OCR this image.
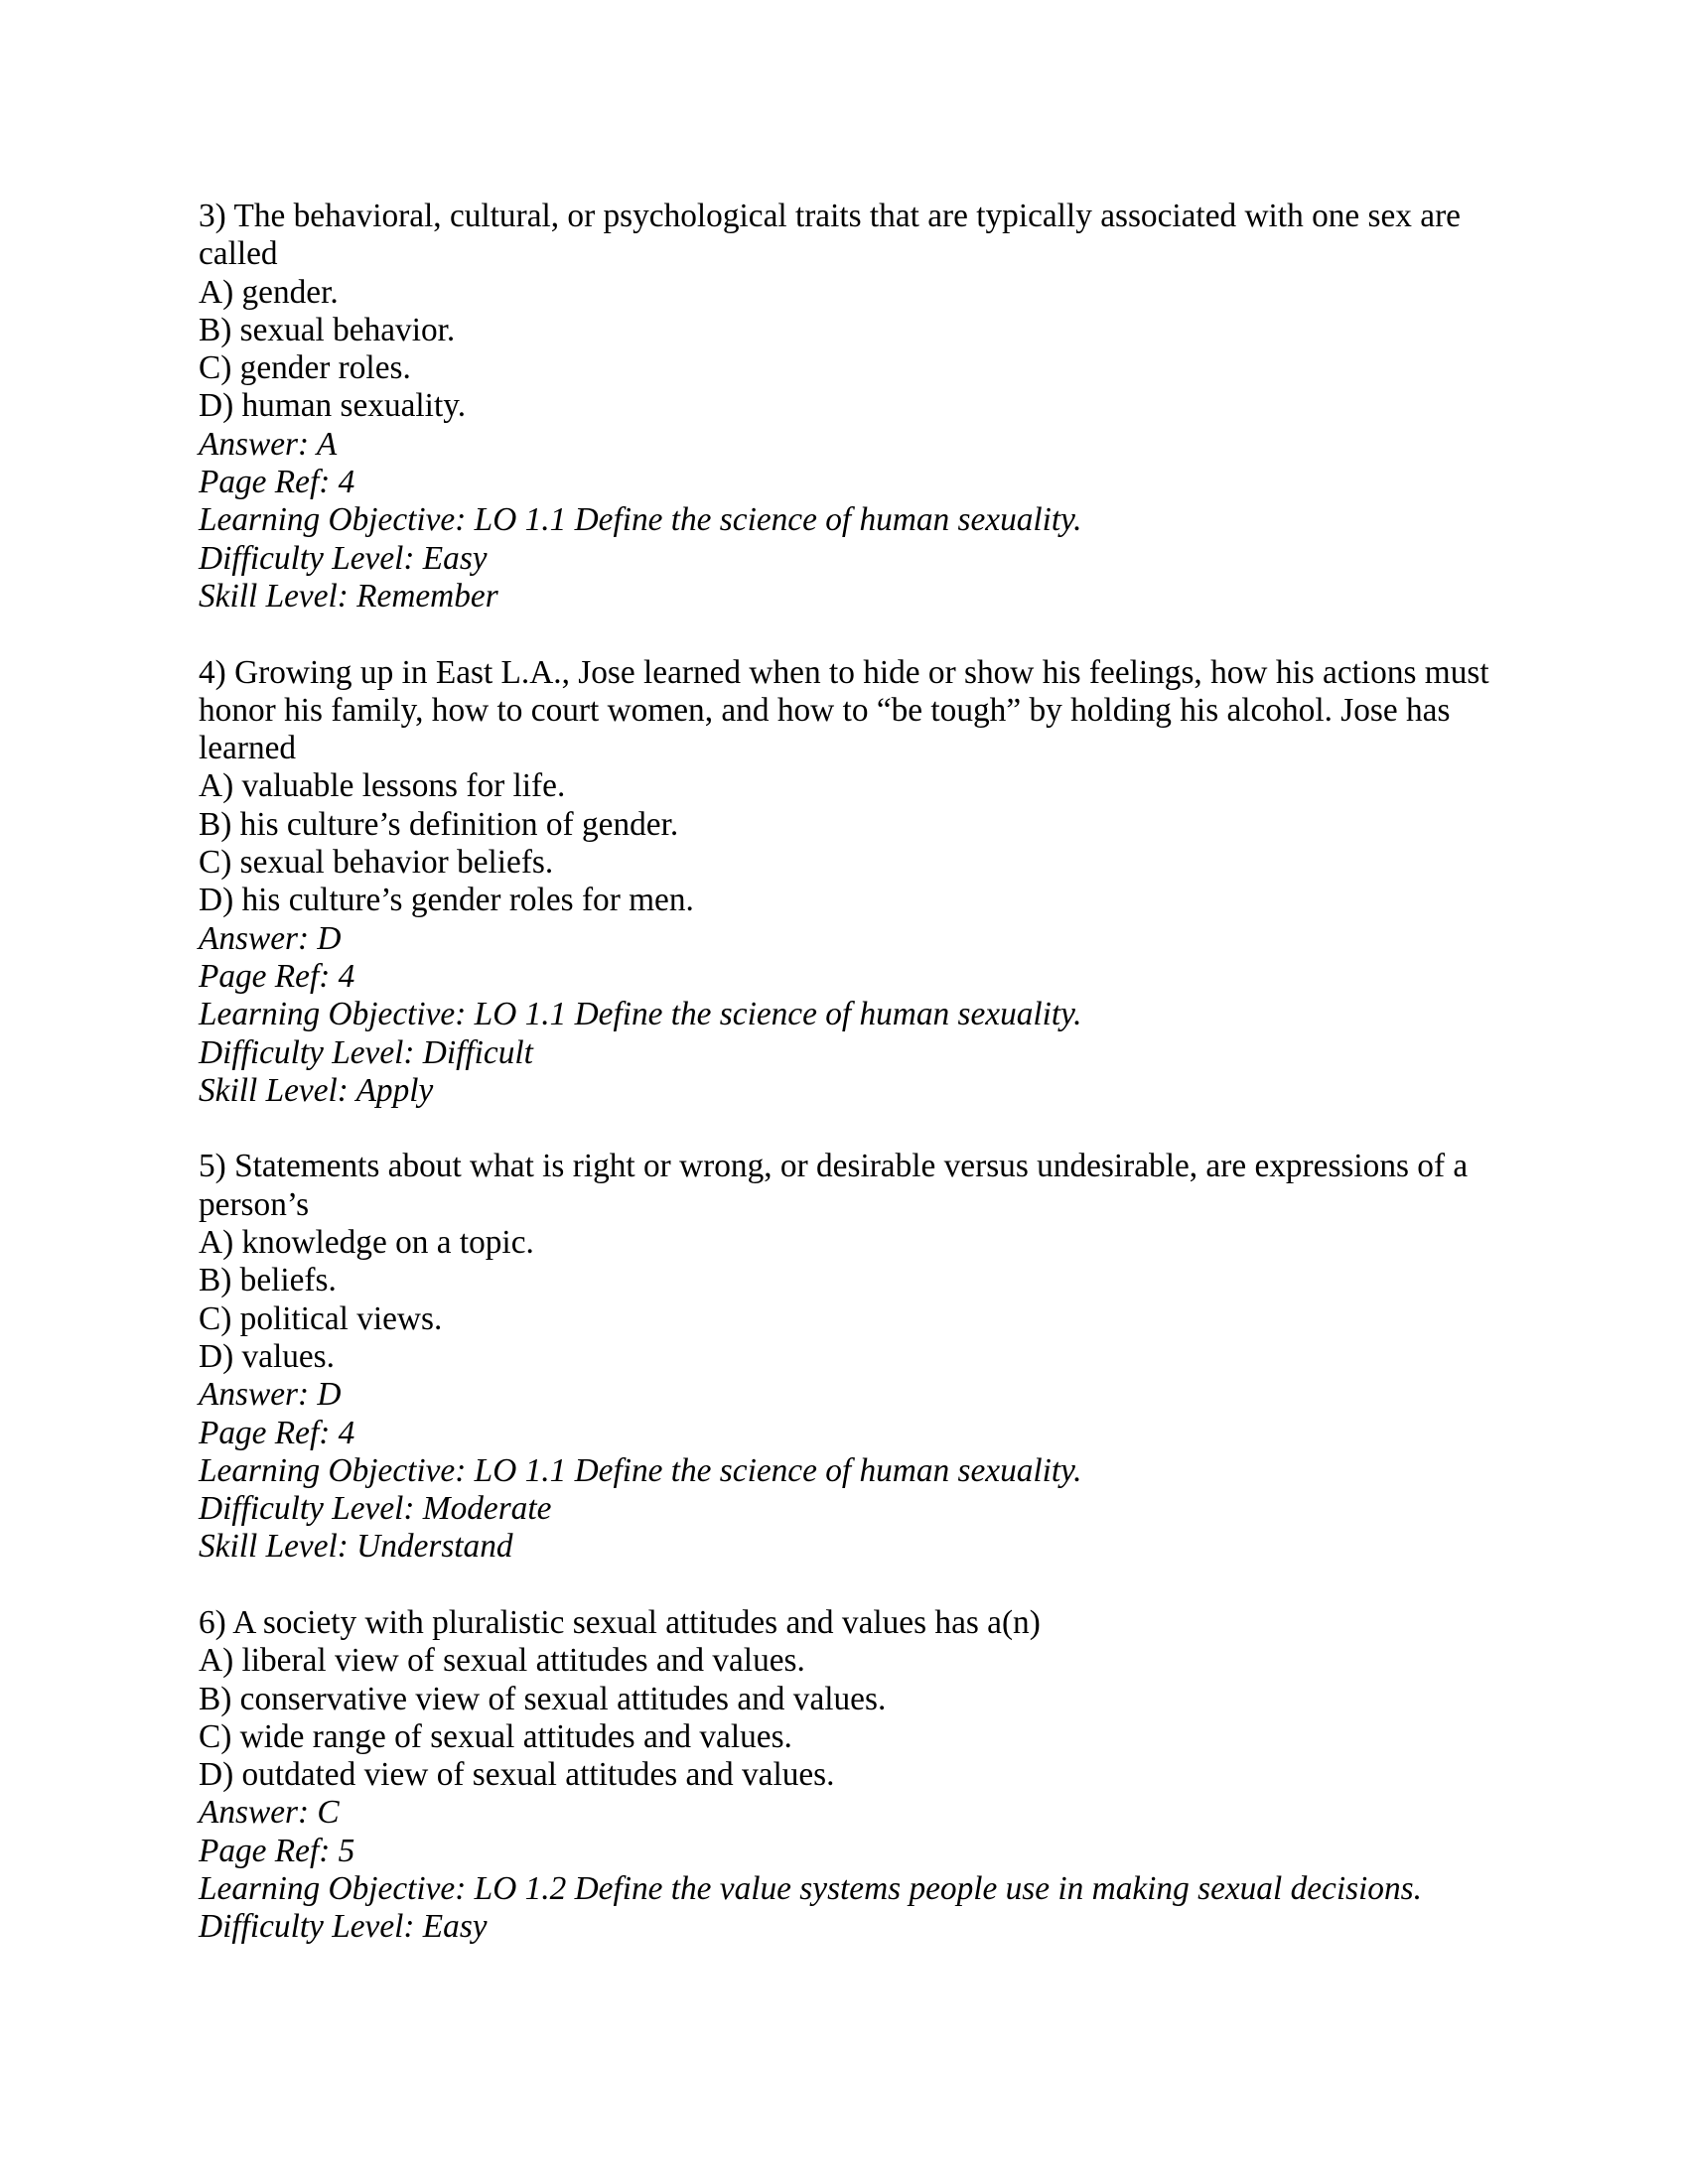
3) The behavioral, cultural, or psychological traits that are typically associated with one sex are called
A) gender.
B) sexual behavior.
C) gender roles.
D) human sexuality.
Answer: A
Page Ref: 4
Learning Objective: LO 1.1 Define the science of human sexuality.
Difficulty Level: Easy
Skill Level: Remember
4) Growing up in East L.A., Jose learned when to hide or show his feelings, how his actions must honor his family, how to court women, and how to “be tough” by holding his alcohol. Jose has learned
A) valuable lessons for life.
B) his culture’s definition of gender.
C) sexual behavior beliefs.
D) his culture’s gender roles for men.
Answer: D
Page Ref: 4
Learning Objective: LO 1.1 Define the science of human sexuality.
Difficulty Level: Difficult
Skill Level: Apply
5) Statements about what is right or wrong, or desirable versus undesirable, are expressions of a person’s
A) knowledge on a topic.
B) beliefs.
C) political views.
D) values.
Answer: D
Page Ref: 4
Learning Objective: LO 1.1 Define the science of human sexuality.
Difficulty Level: Moderate
Skill Level: Understand
6) A society with pluralistic sexual attitudes and values has a(n)
A) liberal view of sexual attitudes and values.
B) conservative view of sexual attitudes and values.
C) wide range of sexual attitudes and values.
D) outdated view of sexual attitudes and values.
Answer: C
Page Ref: 5
Learning Objective: LO 1.2 Define the value systems people use in making sexual decisions.
Difficulty Level: Easy
